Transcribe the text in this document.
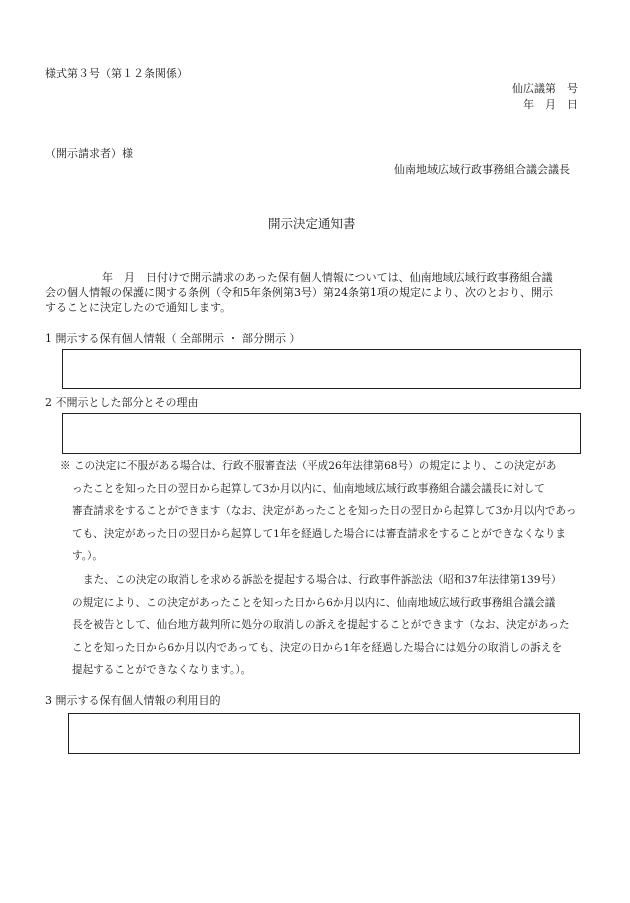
様式第３号（第１２条関係）
仙広議第　号
年　月　日
（開示請求者）様
仙南地域広域行政事務組合議会議長
開示決定通知書
　年　月　日付けで開示請求のあった保有個人情報については、仙南地域広域行政事務組合議
会の個人情報の保護に関する条例（令和5年条例第3号）第24条第1項の規定により、次のとおり、開示
することに決定したので通知します。
1 開示する保有個人情報（ 全部開示 ・ 部分開示 ）
2 不開示とした部分とその理由
※ この決定に不服がある場合は、行政不服審査法（平成26年法律第68号）の規定により、この決定があ
ったことを知った日の翌日から起算して3か月以内に、仙南地域広域行政事務組合議会議長に対して
審査請求をすることができます（なお、決定があったことを知った日の翌日から起算して3か月以内であっ
ても、決定があった日の翌日から起算して1年を経過した場合には審査請求をすることができなくなりま
す。）。
また、この決定の取消しを求める訴訟を提起する場合は、行政事件訴訟法（昭和37年法律第139号）
の規定により、この決定があったことを知った日から6か月以内に、仙南地域広域行政事務組合議会議
長を被告として、仙台地方裁判所に処分の取消しの訴えを提起することができます（なお、決定があった
ことを知った日から6か月以内であっても、決定の日から1年を経過した場合には処分の取消しの訴えを
提起することができなくなります。）。
3 開示する保有個人情報の利用目的
